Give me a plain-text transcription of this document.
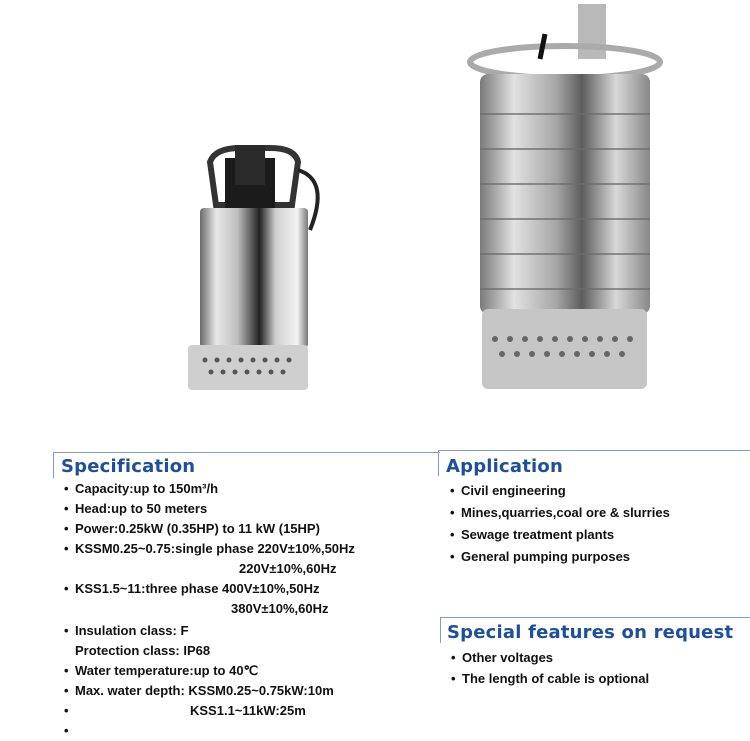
Specification
• Capacity:up to 150m³/h
• Head:up to 50 meters
• Power:0.25kW (0.35HP) to 11 kW (15HP)
• KSSM0.25~0.75:single phase 220V±10%,50Hz
220V±10%,60Hz
• KSS1.5~11:three phase 400V±10%,50Hz
380V±10%,60Hz
• Insulation class: F
Protection class: IP68
• Water temperature:up to 40℃
• Max. water depth: KSSM0.25~0.75kW:10m
• KSS1.1~11kW:25m
•
Application
• Civil engineering
• Mines,quarries,coal ore & slurries
• Sewage treatment plants
• General pumping purposes
Special features on request
• Other voltages
• The length of cable is optional
